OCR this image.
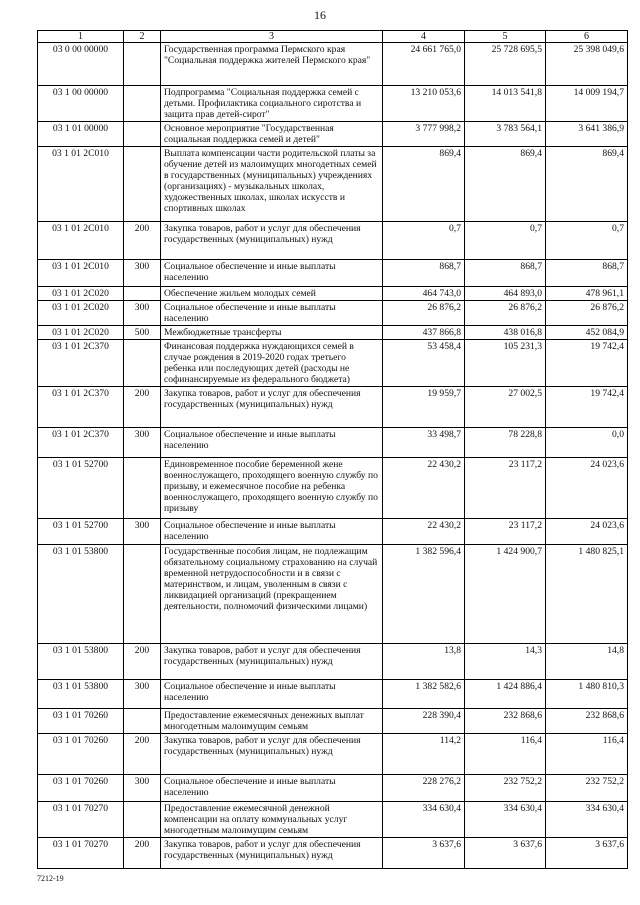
16
1	2	3	4	5	6
03 0 00 00000		Государственная программа Пермского края "Социальная поддержка жителей Пермского края"	24 661 765,0	25 728 695,5	25 398 049,6
03 1 00 00000		Подпрограмма "Социальная поддержка семей с детьми. Профилактика социального сиротства и защита прав детей-сирот"	13 210 053,6	14 013 541,8	14 009 194,7
03 1 01 00000		Основное мероприятие "Государственная социальная поддержка семей и детей"	3 777 998,2	3 783 564,1	3 641 386,9
03 1 01 2С010		Выплата компенсации части родительской платы за обучение детей из малоимущих многодетных семей в государственных (муниципальных) учреждениях (организациях) - музыкальных школах, художественных школах, школах искусств и спортивных школах	869,4	869,4	869,4
03 1 01 2С010	200	Закупка товаров, работ и услуг для обеспечения государственных (муниципальных) нужд	0,7	0,7	0,7
03 1 01 2С010	300	Социальное обеспечение и иные выплаты населению	868,7	868,7	868,7
03 1 01 2С020		Обеспечение жильем молодых семей	464 743,0	464 893,0	478 961,1
03 1 01 2С020	300	Социальное обеспечение и иные выплаты населению	26 876,2	26 876,2	26 876,2
03 1 01 2С020	500	Межбюджетные трансферты	437 866,8	438 016,8	452 084,9
03 1 01 2С370		Финансовая поддержка нуждающихся семей в случае рождения в 2019-2020 годах третьего ребенка или последующих детей (расходы не софинансируемые из федерального бюджета)	53 458,4	105 231,3	19 742,4
03 1 01 2С370	200	Закупка товаров, работ и услуг для обеспечения государственных (муниципальных) нужд	19 959,7	27 002,5	19 742,4
03 1 01 2С370	300	Социальное обеспечение и иные выплаты населению	33 498,7	78 228,8	0,0
03 1 01 52700		Единовременное пособие беременной жене военнослужащего, проходящего военную службу по призыву, и ежемесячное пособие на ребенка военнослужащего, проходящего военную службу по призыву	22 430,2	23 117,2	24 023,6
03 1 01 52700	300	Социальное обеспечение и иные выплаты населению	22 430,2	23 117,2	24 023,6
03 1 01 53800		Государственные пособия лицам, не подлежащим обязательному социальному страхованию на случай временной нетрудоспособности и в связи с материнством, и лицам, уволенным в связи с ликвидацией организаций (прекращением деятельности, полномочий физическими лицами)	1 382 596,4	1 424 900,7	1 480 825,1
03 1 01 53800	200	Закупка товаров, работ и услуг для обеспечения государственных (муниципальных) нужд	13,8	14,3	14,8
03 1 01 53800	300	Социальное обеспечение и иные выплаты населению	1 382 582,6	1 424 886,4	1 480 810,3
03 1 01 70260		Предоставление ежемесячных денежных выплат многодетным малоимущим семьям	228 390,4	232 868,6	232 868,6
03 1 01 70260	200	Закупка товаров, работ и услуг для обеспечения государственных (муниципальных) нужд	114,2	116,4	116,4
03 1 01 70260	300	Социальное обеспечение и иные выплаты населению	228 276,2	232 752,2	232 752,2
03 1 01 70270		Предоставление ежемесячной денежной компенсации на оплату коммунальных услуг многодетным малоимущим семьям	334 630,4	334 630,4	334 630,4
03 1 01 70270	200	Закупка товаров, работ и услуг для обеспечения государственных (муниципальных) нужд	3 637,6	3 637,6	3 637,6
7212-19
